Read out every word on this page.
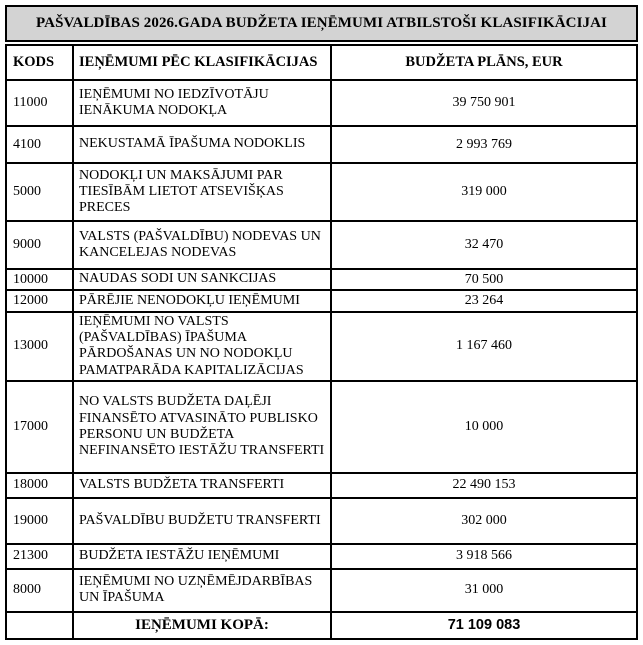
PAŠVALDĪBAS 2026.GADA BUDŽETA IEŅĒMUMI ATBILSTOŠI KLASIFIKĀCIJAI
KODS	IEŅĒMUMI PĒC KLASIFIKĀCIJAS	BUDŽETA PLĀNS, EUR
11000	IEŅĒMUMI NO IEDZĪVOTĀJU IENĀKUMA NODOKĻA	39 750 901
4100	NEKUSTAMĀ ĪPAŠUMA NODOKLIS	2 993 769
5000	NODOKĻI UN MAKSĀJUMI PAR TIESĪBĀM LIETOT ATSEVIŠĶAS PRECES	319 000
9000	VALSTS (PAŠVALDĪBU) NODEVAS UN KANCELEJAS NODEVAS	32 470
10000	NAUDAS SODI UN SANKCIJAS	70 500
12000	PĀRĒJIE NENODOKĻU IEŅĒMUMI	23 264
13000	IEŅĒMUMI NO VALSTS (PAŠVALDĪBAS) ĪPAŠUMA PĀRDOŠANAS UN NO NODOKĻU PAMATPARĀDA KAPITALIZĀCIJAS	1 167 460
17000	NO VALSTS BUDŽETA DAĻĒJI FINANSĒTO ATVASINĀTO PUBLISKO PERSONU UN BUDŽETA NEFINANSĒTO IESTĀŽU TRANSFERTI	10 000
18000	VALSTS BUDŽETA TRANSFERTI	22 490 153
19000	PAŠVALDĪBU BUDŽETU TRANSFERTI	302 000
21300	BUDŽETA IESTĀŽU IEŅĒMUMI	3 918 566
8000	IEŅĒMUMI NO UZŅĒMĒJDARBĪBAS UN ĪPAŠUMA	31 000
	IEŅĒMUMI KOPĀ:	71 109 083
